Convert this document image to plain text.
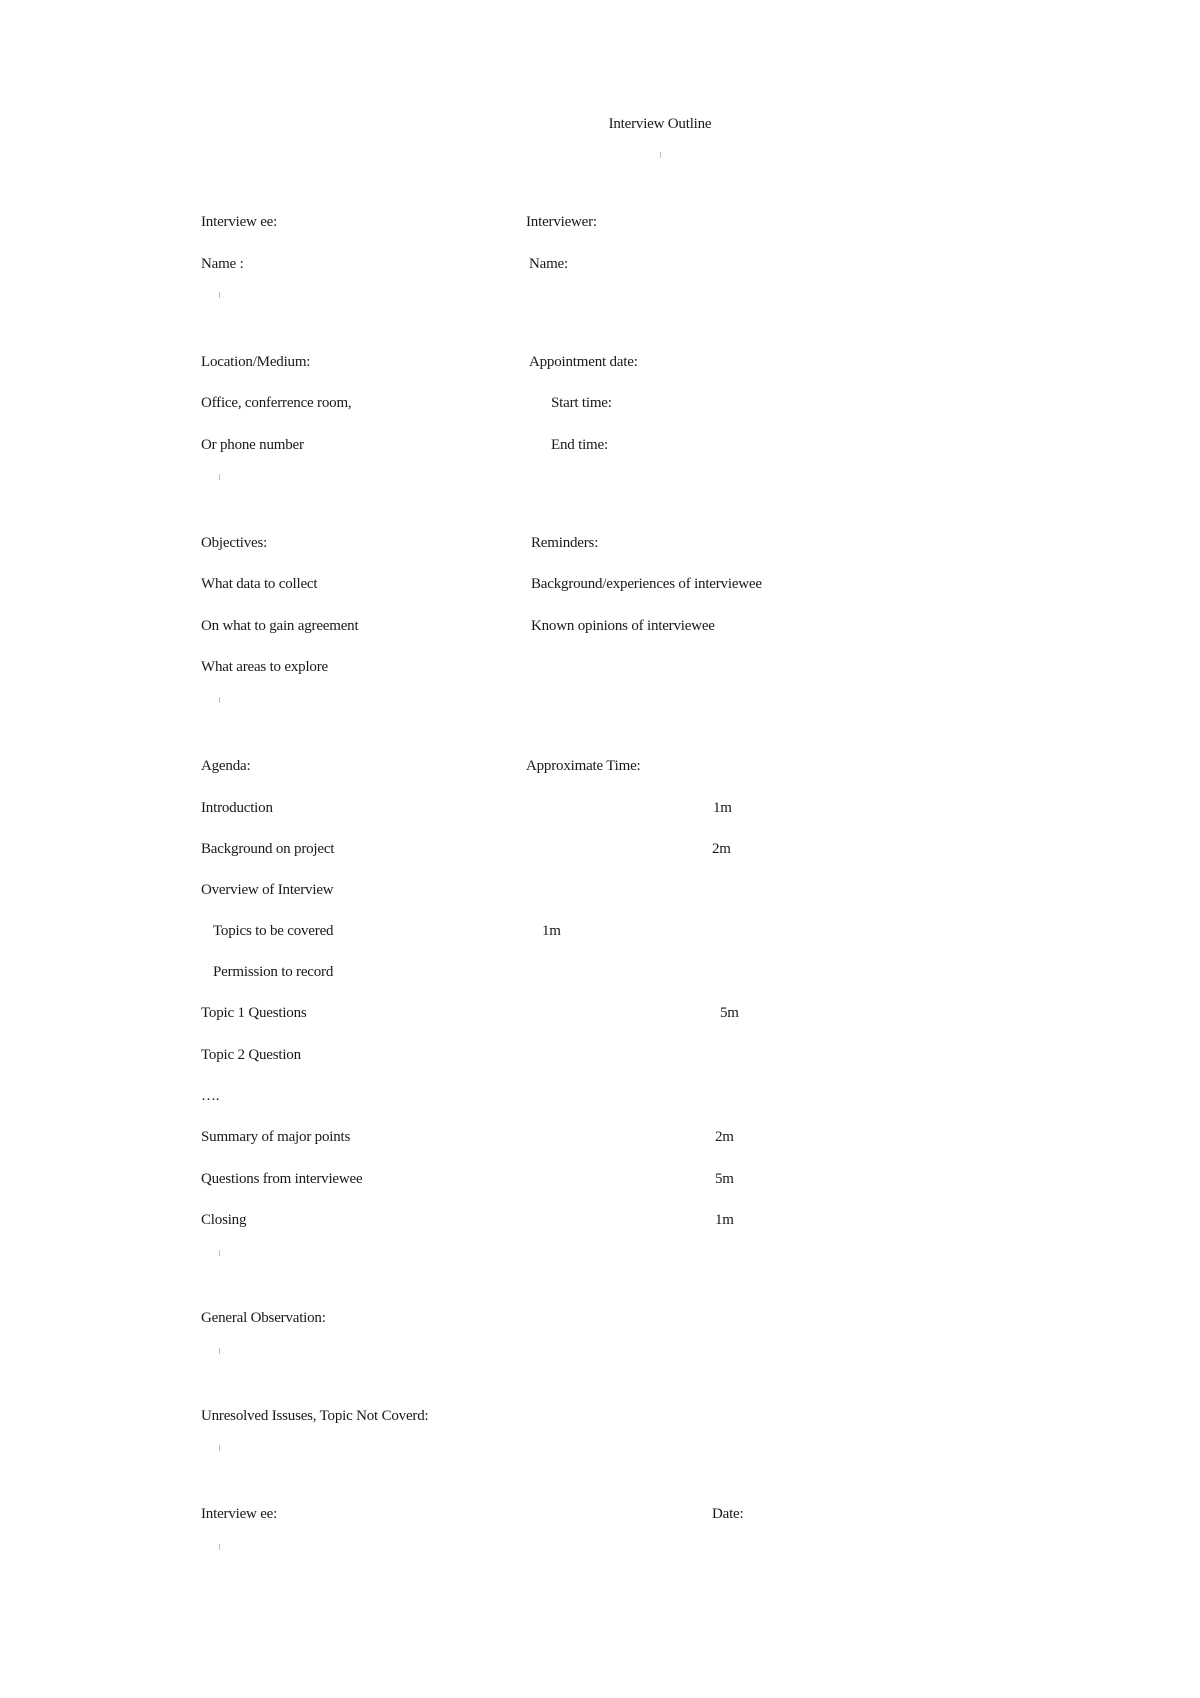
Interview Outline
Interview ee:	Interviewer:
Name :	Name:
Location/Medium:	Appointment date:
Office, conferrence room,	Start time:
Or phone number	End time:
Objectives:	Reminders:
What data to collect	Background/experiences of interviewee
On what to gain agreement	Known opinions of interviewee
What areas to explore
Agenda:	Approximate Time:
Introduction	1m
Background on project	2m
Overview of Interview
Topics to be covered	1m
Permission to record
Topic 1 Questions	5m
Topic 2 Question
….
Summary of major points	2m
Questions from interviewee	5m
Closing	1m
General Observation:
Unresolved Issuses, Topic Not Coverd:
Interview ee:	Date:
